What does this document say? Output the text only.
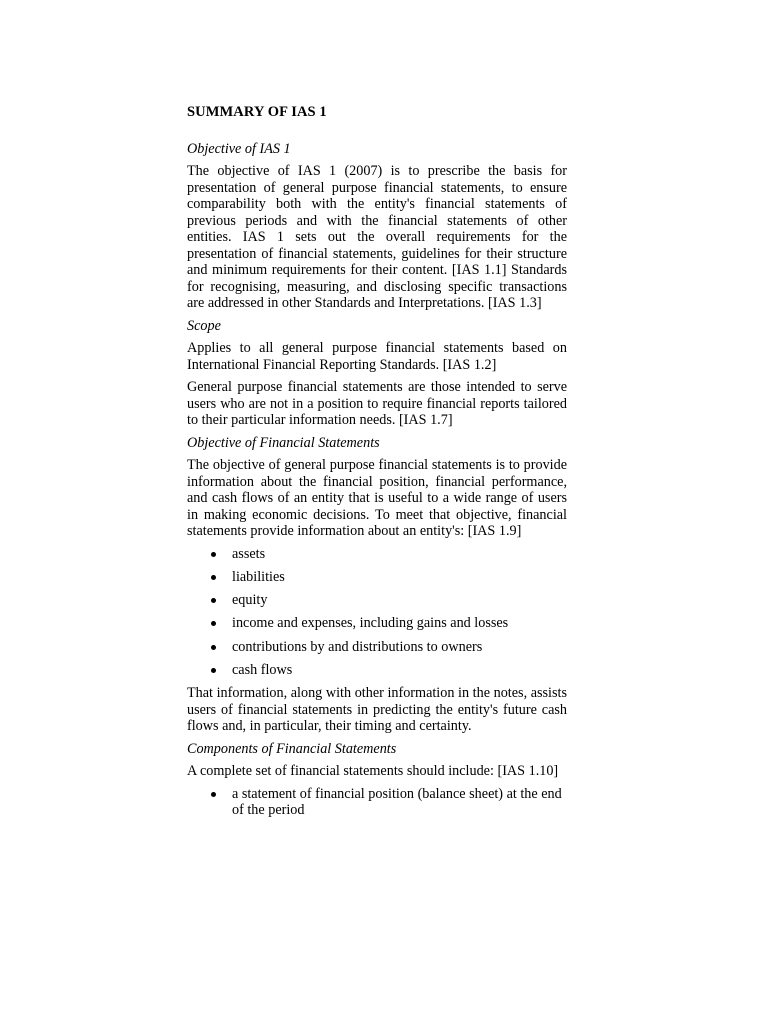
SUMMARY OF IAS 1
Objective of IAS 1

The objective of IAS 1 (2007) is to prescribe the basis for presentation of general purpose financial statements, to ensure comparability both with the entity's financial statements of previous periods and with the financial statements of other entities. IAS 1 sets out the overall requirements for the presentation of financial statements, guidelines for their structure and minimum requirements for their content. [IAS 1.1] Standards for recognising, measuring, and disclosing specific transactions are addressed in other Standards and Interpretations. [IAS 1.3]

Scope

Applies to all general purpose financial statements based on International Financial Reporting Standards. [IAS 1.2]

General purpose financial statements are those intended to serve users who are not in a position to require financial reports tailored to their particular information needs. [IAS 1.7]

Objective of Financial Statements

The objective of general purpose financial statements is to provide information about the financial position, financial performance, and cash flows of an entity that is useful to a wide range of users in making economic decisions. To meet that objective, financial statements provide information about an entity's: [IAS 1.9]

assets
liabilities
equity
income and expenses, including gains and losses
contributions by and distributions to owners
cash flows

That information, along with other information in the notes, assists users of financial statements in predicting the entity's future cash flows and, in particular, their timing and certainty.

Components of Financial Statements

A complete set of financial statements should include: [IAS 1.10]

a statement of financial position (balance sheet) at the end of the period
